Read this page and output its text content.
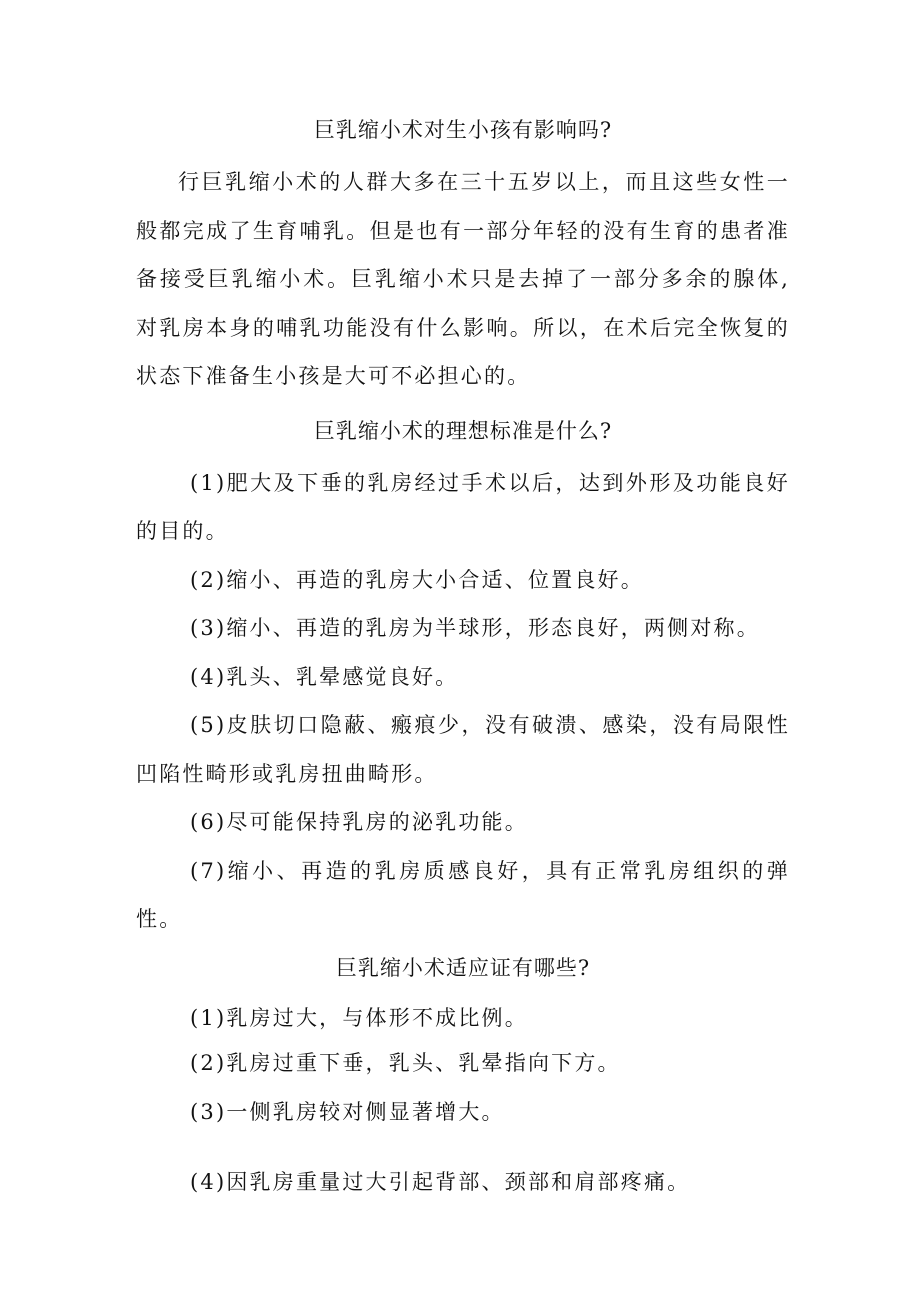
巨乳缩小术对生小孩有影响吗?

行巨乳缩小术的人群大多在三十五岁以上，而且这些女性一般都完成了生育哺乳。但是也有一部分年轻的没有生育的患者准备接受巨乳缩小术。巨乳缩小术只是去掉了一部分多余的腺体,对乳房本身的哺乳功能没有什么影响。所以，在术后完全恢复的状态下准备生小孩是大可不必担心的。

巨乳缩小术的理想标准是什么?

(1)肥大及下垂的乳房经过手术以后，达到外形及功能良好的目的。

(2)缩小、再造的乳房大小合适、位置良好。

(3)缩小、再造的乳房为半球形，形态良好，两侧对称。

(4)乳头、乳晕感觉良好。

(5)皮肤切口隐蔽、瘢痕少，没有破溃、感染，没有局限性凹陷性畸形或乳房扭曲畸形。

(6)尽可能保持乳房的泌乳功能。

(7)缩小、再造的乳房质感良好，具有正常乳房组织的弹性。

巨乳缩小术适应证有哪些?

(1)乳房过大，与体形不成比例。

(2)乳房过重下垂，乳头、乳晕指向下方。

(3)一侧乳房较对侧显著增大。

(4)因乳房重量过大引起背部、颈部和肩部疼痛。
